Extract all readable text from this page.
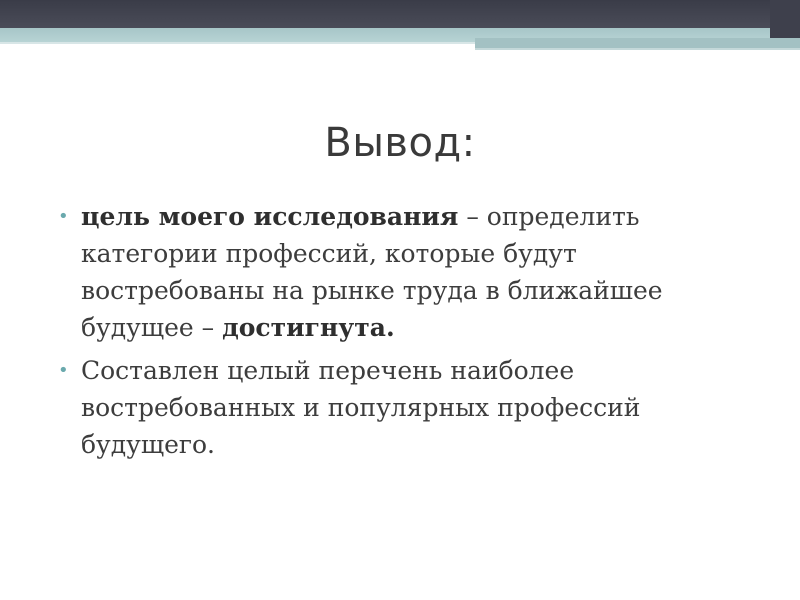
Вывод:
• цель моего исследования – определить категории профессий, которые будут востребованы на рынке труда в ближайшее будущее – достигнута.
• Составлен целый перечень наиболее востребованных и популярных профессий будущего.
